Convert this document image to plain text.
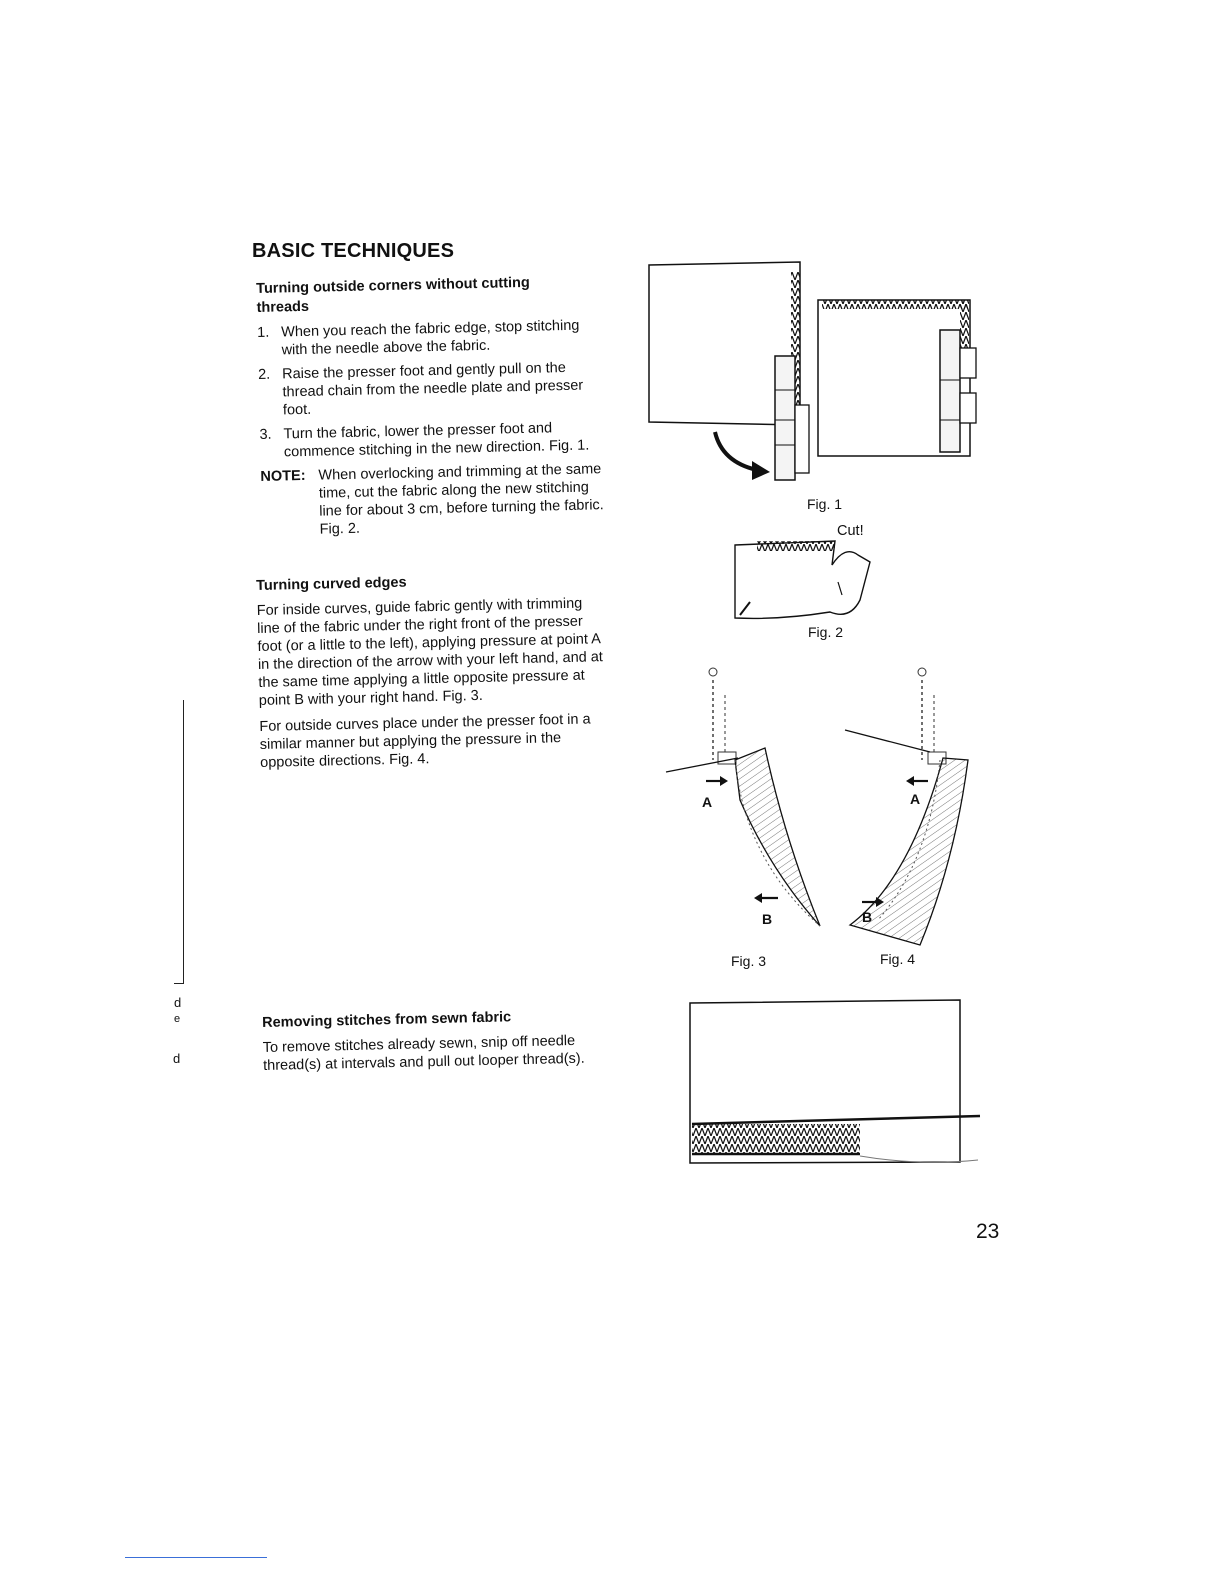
BASIC TECHNIQUES
Turning outside corners without cutting threads
1. When you reach the fabric edge, stop stitching with the needle above the fabric.
2. Raise the presser foot and gently pull on the thread chain from the needle plate and presser foot.
3. Turn the fabric, lower the presser foot and commence stitching in the new direction. Fig. 1.
NOTE: When overlocking and trimming at the same time, cut the fabric along the new stitching line for about 3 cm, before turning the fabric. Fig. 2.
Turning curved edges
For inside curves, guide fabric gently with trimming line of the fabric under the right front of the presser foot (or a little to the left), applying pressure at point A in the direction of the arrow with your left hand, and at the same time applying a little opposite pressure at point B with your right hand. Fig. 3.
For outside curves place under the presser foot in a similar manner but applying the pressure in the opposite directions. Fig. 4.
Removing stitches from sewn fabric
To remove stitches already sewn, snip off needle thread(s) at intervals and pull out looper thread(s).
d
e
d
23
Fig. 1
Cut!
Fig. 2
A
B
Fig. 3
A
B
Fig. 4
